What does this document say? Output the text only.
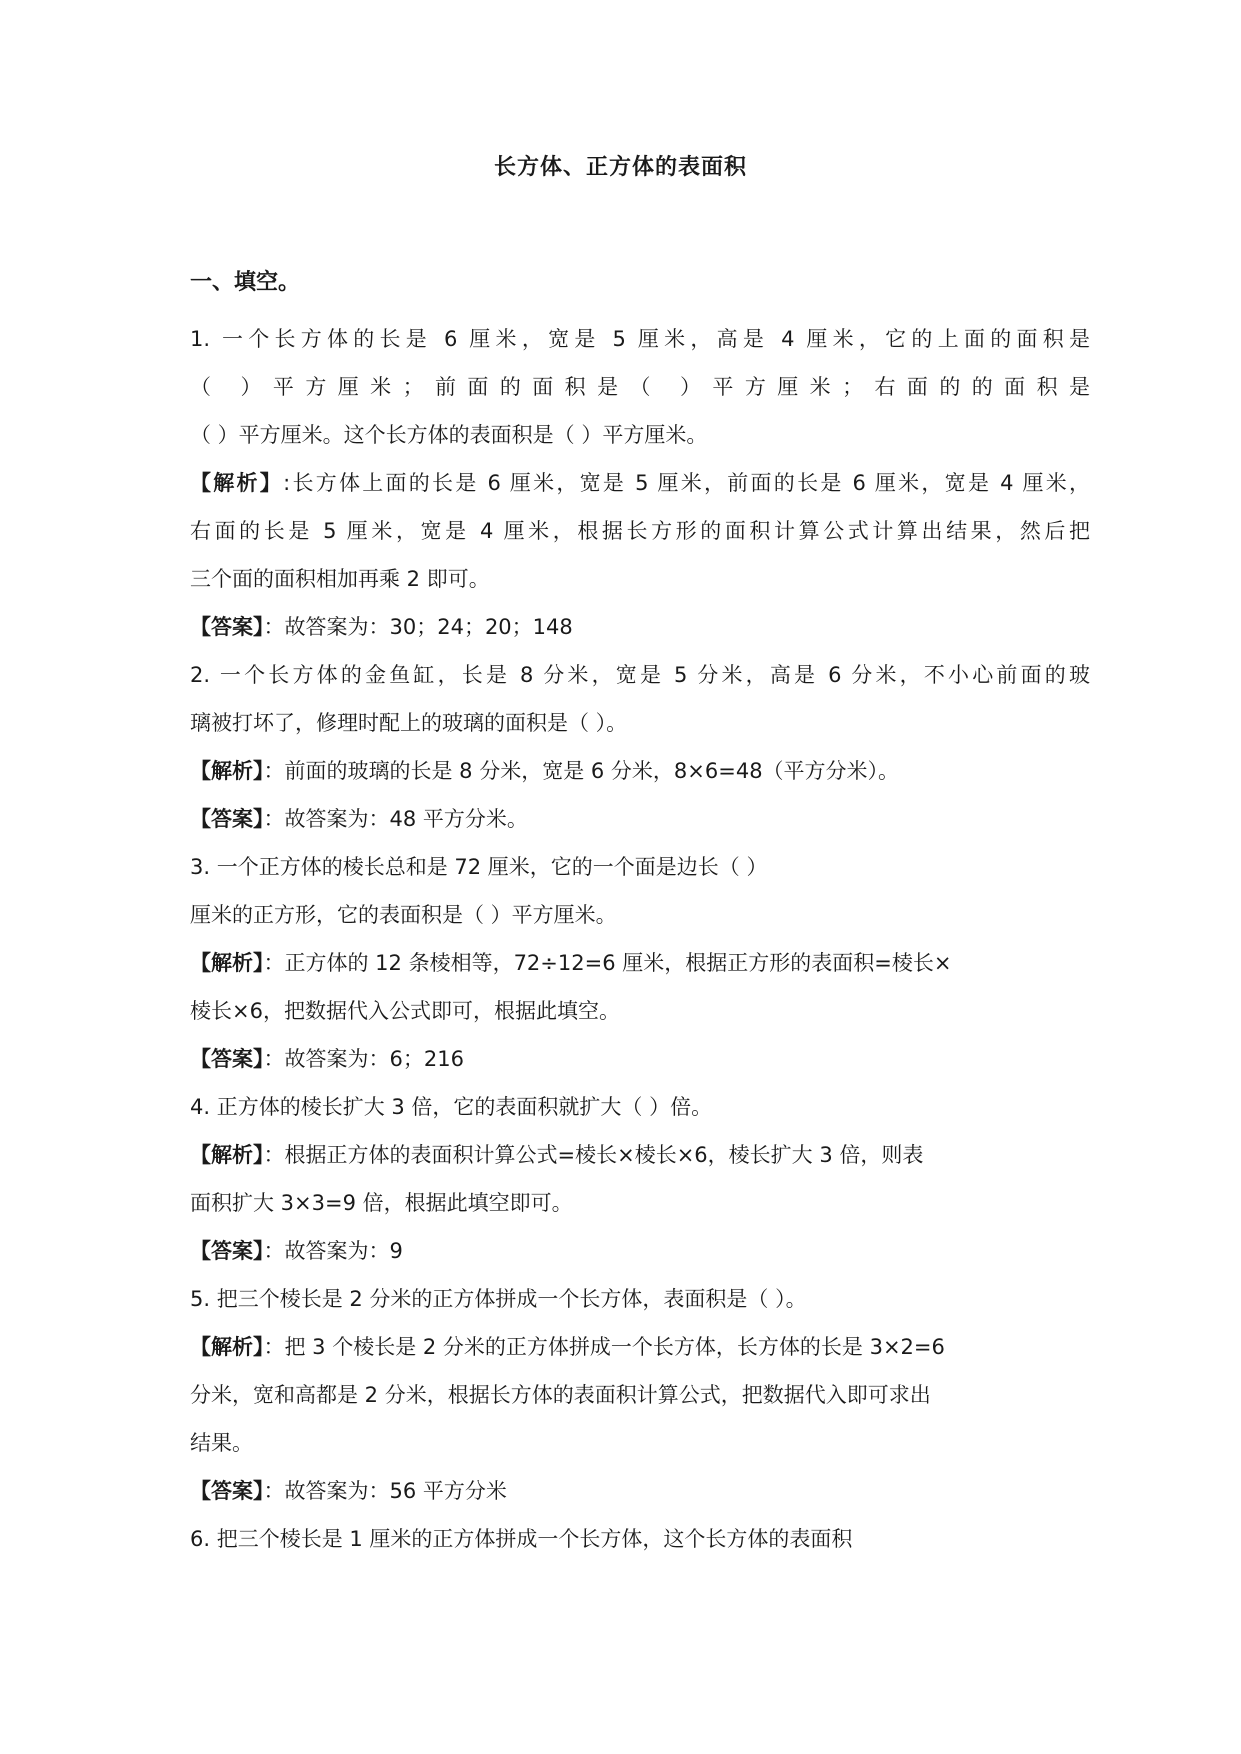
长方体、正方体的表面积
一、填空。
1. 一个长方体的长是 6 厘米，宽是 5 厘米，高是 4 厘米，它的上面的面积是
（ ）平方厘米；前面的面积是（ ）平方厘米；右面的的面积是
（ ）平方厘米。这个长方体的表面积是（ ）平方厘米。
【解析】:长方体上面的长是 6 厘米，宽是 5 厘米，前面的长是 6 厘米，宽是 4 厘米，
右面的长是 5 厘米，宽是 4 厘米，根据长方形的面积计算公式计算出结果，然后把
三个面的面积相加再乘 2 即可。
【答案】：故答案为：30；24；20；148
2. 一个长方体的金鱼缸，长是 8 分米，宽是 5 分米，高是 6 分米，不小心前面的玻
璃被打坏了，修理时配上的玻璃的面积是（ ）。
【解析】：前面的玻璃的长是 8 分米，宽是 6 分米，8×6=48（平方分米）。
【答案】：故答案为：48 平方分米。
3. 一个正方体的棱长总和是 72 厘米，它的一个面是边长（ ）
厘米的正方形，它的表面积是（ ）平方厘米。
【解析】：正方体的 12 条棱相等，72÷12=6 厘米，根据正方形的表面积=棱长×
棱长×6，把数据代入公式即可，根据此填空。
【答案】：故答案为：6；216
4. 正方体的棱长扩大 3 倍，它的表面积就扩大（ ）倍。
【解析】：根据正方体的表面积计算公式=棱长×棱长×6，棱长扩大 3 倍，则表
面积扩大 3×3=9 倍，根据此填空即可。
【答案】：故答案为：9
5. 把三个棱长是 2 分米的正方体拼成一个长方体，表面积是（ ）。
【解析】：把 3 个棱长是 2 分米的正方体拼成一个长方体，长方体的长是 3×2=6
分米，宽和高都是 2 分米，根据长方体的表面积计算公式，把数据代入即可求出
结果。
【答案】：故答案为：56 平方分米
6. 把三个棱长是 1 厘米的正方体拼成一个长方体，这个长方体的表面积
